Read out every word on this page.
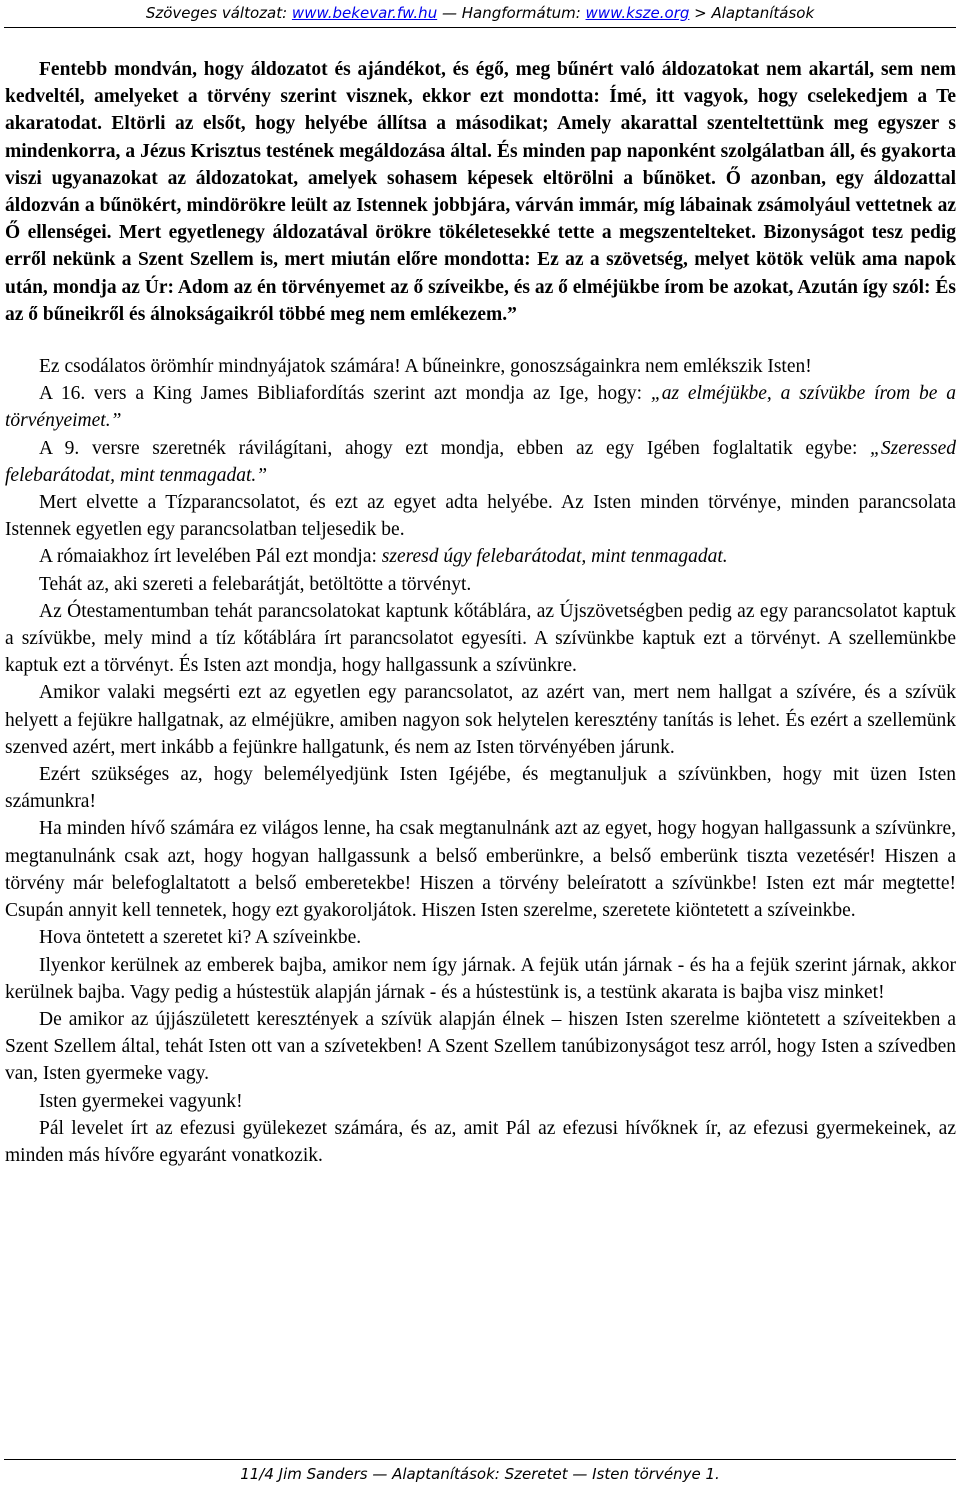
Szöveges változat: www.bekevar.fw.hu — Hangformátum: www.ksze.org > Alaptanítások

Fentebb mondván, hogy áldozatot és ajándékot, és égő, meg bűnért való áldozatokat nem akartál, sem nem kedveltél, amelyeket a törvény szerint visznek, ekkor ezt mondotta: Ímé, itt vagyok, hogy cselekedjem a Te akaratodat. Eltörli az elsőt, hogy helyébe állítsa a másodikat; Amely akarattal szenteltettünk meg egyszer s mindenkorra, a Jézus Krisztus testének megáldozása által. És minden pap naponként szolgálatban áll, és gyakorta viszi ugyanazokat az áldozatokat, amelyek sohasem képesek eltörölni a bűnöket. Ő azonban, egy áldozattal áldozván a bűnökért, mindörökre leült az Istennek jobbjára, várván immár, míg lábainak zsámolyául vettetnek az Ő ellenségei. Mert egyetlenegy áldozatával örökre tökéletesekké tette a megszentelteket. Bizonyságot tesz pedig erről nekünk a Szent Szellem is, mert miután előre mondotta: Ez az a szövetség, melyet kötök velük ama napok után, mondja az Úr: Adom az én törvényemet az ő szíveikbe, és az ő elméjükbe írom be azokat, Azután így szól: És az ő bűneikről és álnokságaikról többé meg nem emlékezem.”

Ez csodálatos örömhír mindnyájatok számára! A bűneinkre, gonoszságainkra nem emlékszik Isten!

A 16. vers a King James Bibliafordítás szerint azt mondja az Ige, hogy: „az elméjükbe, a szívükbe írom be a törvényeimet.”

A 9. versre szeretnék rávilágítani, ahogy ezt mondja, ebben az egy Igében foglaltatik egybe: „Szeressed felebarátodat, mint tenmagadat.”

Mert elvette a Tízparancsolatot, és ezt az egyet adta helyébe. Az Isten minden törvénye, minden parancsolata Istennek egyetlen egy parancsolatban teljesedik be.

A rómaiakhoz írt levelében Pál ezt mondja: szeresd úgy felebarátodat, mint tenmagadat.

Tehát az, aki szereti a felebarátját, betöltötte a törvényt.

Az Ótestamentumban tehát parancsolatokat kaptunk kőtáblára, az Újszövetségben pedig az egy parancsolatot kaptuk a szívükbe, mely mind a tíz kőtáblára írt parancsolatot egyesíti. A szívünkbe kaptuk ezt a törvényt. A szellemünkbe kaptuk ezt a törvényt. És Isten azt mondja, hogy hallgassunk a szívünkre.

Amikor valaki megsérti ezt az egyetlen egy parancsolatot, az azért van, mert nem hallgat a szívére, és a szívük helyett a fejükre hallgatnak, az elméjükre, amiben nagyon sok helytelen keresztény tanítás is lehet. És ezért a szellemünk szenved azért, mert inkább a fejünkre hallgatunk, és nem az Isten törvényében járunk.

Ezért szükséges az, hogy belemélyedjünk Isten Igéjébe, és megtanuljuk a szívünkben, hogy mit üzen Isten számunkra!

Ha minden hívő számára ez világos lenne, ha csak megtanulnánk azt az egyet, hogy hogyan hallgassunk a szívünkre, megtanulnánk csak azt, hogy hogyan hallgassunk a belső emberünkre, a belső emberünk tiszta vezetésér! Hiszen a törvény már belefoglaltatott a belső emberetekbe! Hiszen a törvény beleíratott a szívünkbe! Isten ezt már megtette! Csupán annyit kell tennetek, hogy ezt gyakoroljátok. Hiszen Isten szerelme, szeretete kiöntetett a szíveinkbe.

Hova öntetett a szeretet ki? A szíveinkbe.

Ilyenkor kerülnek az emberek bajba, amikor nem így járnak. A fejük után járnak - és ha a fejük szerint járnak, akkor kerülnek bajba. Vagy pedig a hústestük alapján járnak - és a hústestünk is, a testünk akarata is bajba visz minket!

De amikor az újjászületett keresztények a szívük alapján élnek – hiszen Isten szerelme kiöntetett a szíveitekben a Szent Szellem által, tehát Isten ott van a szívetekben! A Szent Szellem tanúbizonyságot tesz arról, hogy Isten a szívedben van, Isten gyermeke vagy.

Isten gyermekei vagyunk!

Pál levelet írt az efezusi gyülekezet számára, és az, amit Pál az efezusi hívőknek ír, az efezusi gyermekeinek, az minden más hívőre egyaránt vonatkozik.

11/4 Jim Sanders — Alaptanítások: Szeretet — Isten törvénye 1.
